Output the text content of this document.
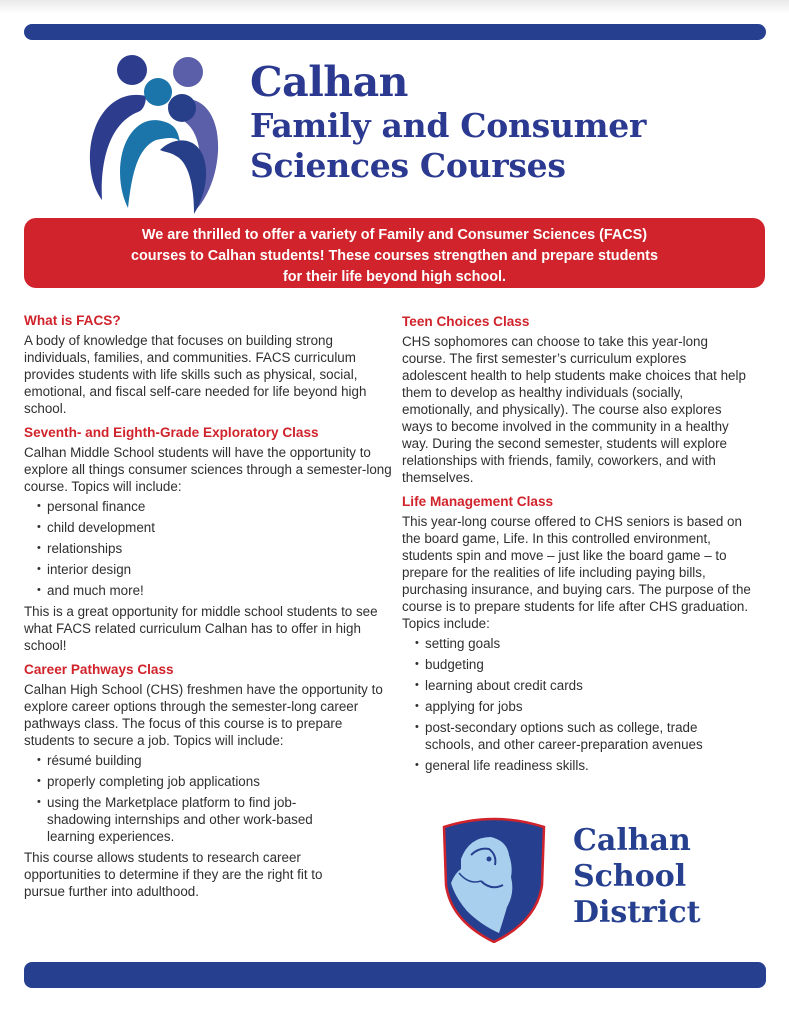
Calhan
Family and Consumer
Sciences Courses
We are thrilled to offer a variety of Family and Consumer Sciences (FACS)
courses to Calhan students! These courses strengthen and prepare students
for their life beyond high school.
What is FACS?

A body of knowledge that focuses on building strong individuals, families, and communities. FACS curriculum provides students with life skills such as physical, social, emotional, and fiscal self-care needed for life beyond high school.

Seventh- and Eighth-Grade Exploratory Class

Calhan Middle School students will have the opportunity to explore all things consumer sciences through a semester-long course. Topics will include:

• personal finance
• child development
• relationships
• interior design
• and much more!

This is a great opportunity for middle school students to see what FACS related curriculum Calhan has to offer in high school!

Career Pathways Class

Calhan High School (CHS) freshmen have the opportunity to explore career options through the semester-long career pathways class. The focus of this course is to prepare students to secure a job. Topics will include:

• résumé building
• properly completing job applications
• using the Marketplace platform to find job-shadowing internships and other work-based learning experiences.

This course allows students to research career opportunities to determine if they are the right fit to pursue further into adulthood.

Teen Choices Class

CHS sophomores can choose to take this year-long course. The first semester’s curriculum explores adolescent health to help students make choices that help them to develop as healthy individuals (socially, emotionally, and physically). The course also explores ways to become involved in the community in a healthy way. During the second semester, students will explore relationships with friends, family, coworkers, and with themselves.

Life Management Class

This year-long course offered to CHS seniors is based on the board game, Life. In this controlled environment, students spin and move – just like the board game – to prepare for the realities of life including paying bills, purchasing insurance, and buying cars. The purpose of the course is to prepare students for life after CHS graduation. Topics include:

• setting goals
• budgeting
• learning about credit cards
• applying for jobs
• post-secondary options such as college, trade schools, and other career-preparation avenues
• general life readiness skills.
Calhan
School
District
